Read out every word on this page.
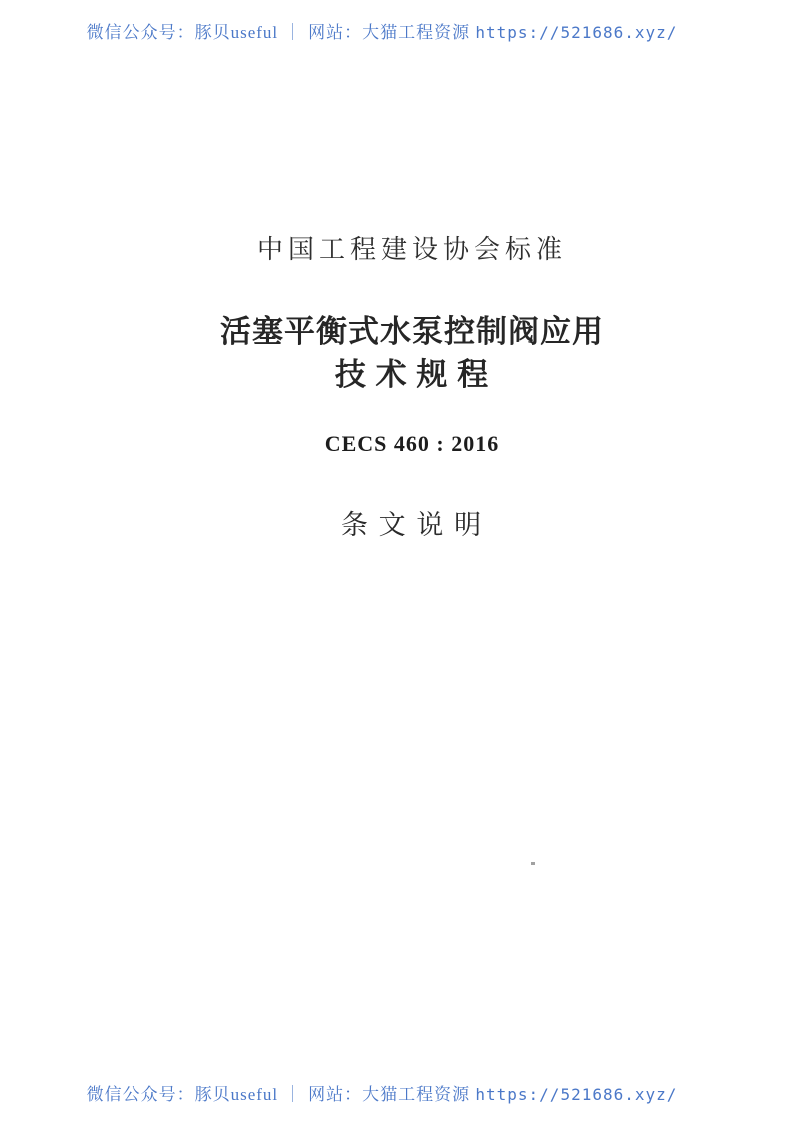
微信公众号：豚贝useful ｜ 网站：大猫工程资源 https://521686.xyz/
中国工程建设协会标准
活塞平衡式水泵控制阀应用
技 术 规 程
CECS 460 : 2016
条 文 说 明
微信公众号：豚贝useful ｜ 网站：大猫工程资源 https://521686.xyz/
